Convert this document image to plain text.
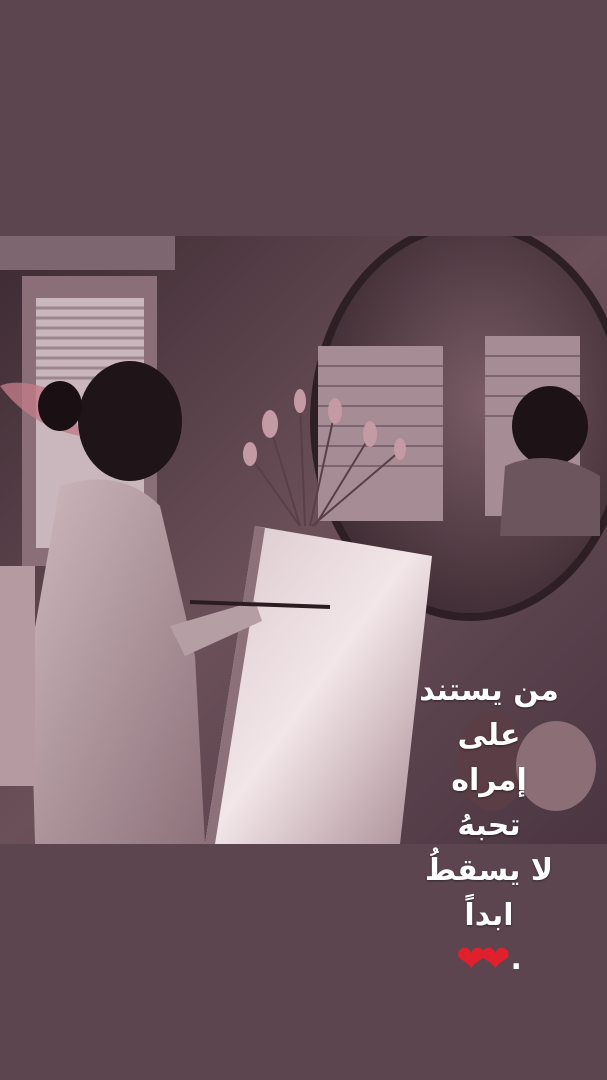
من يستند
على
إمراه
تحبهُ
لا يسقطُ
ابداً
❤
❤ .
